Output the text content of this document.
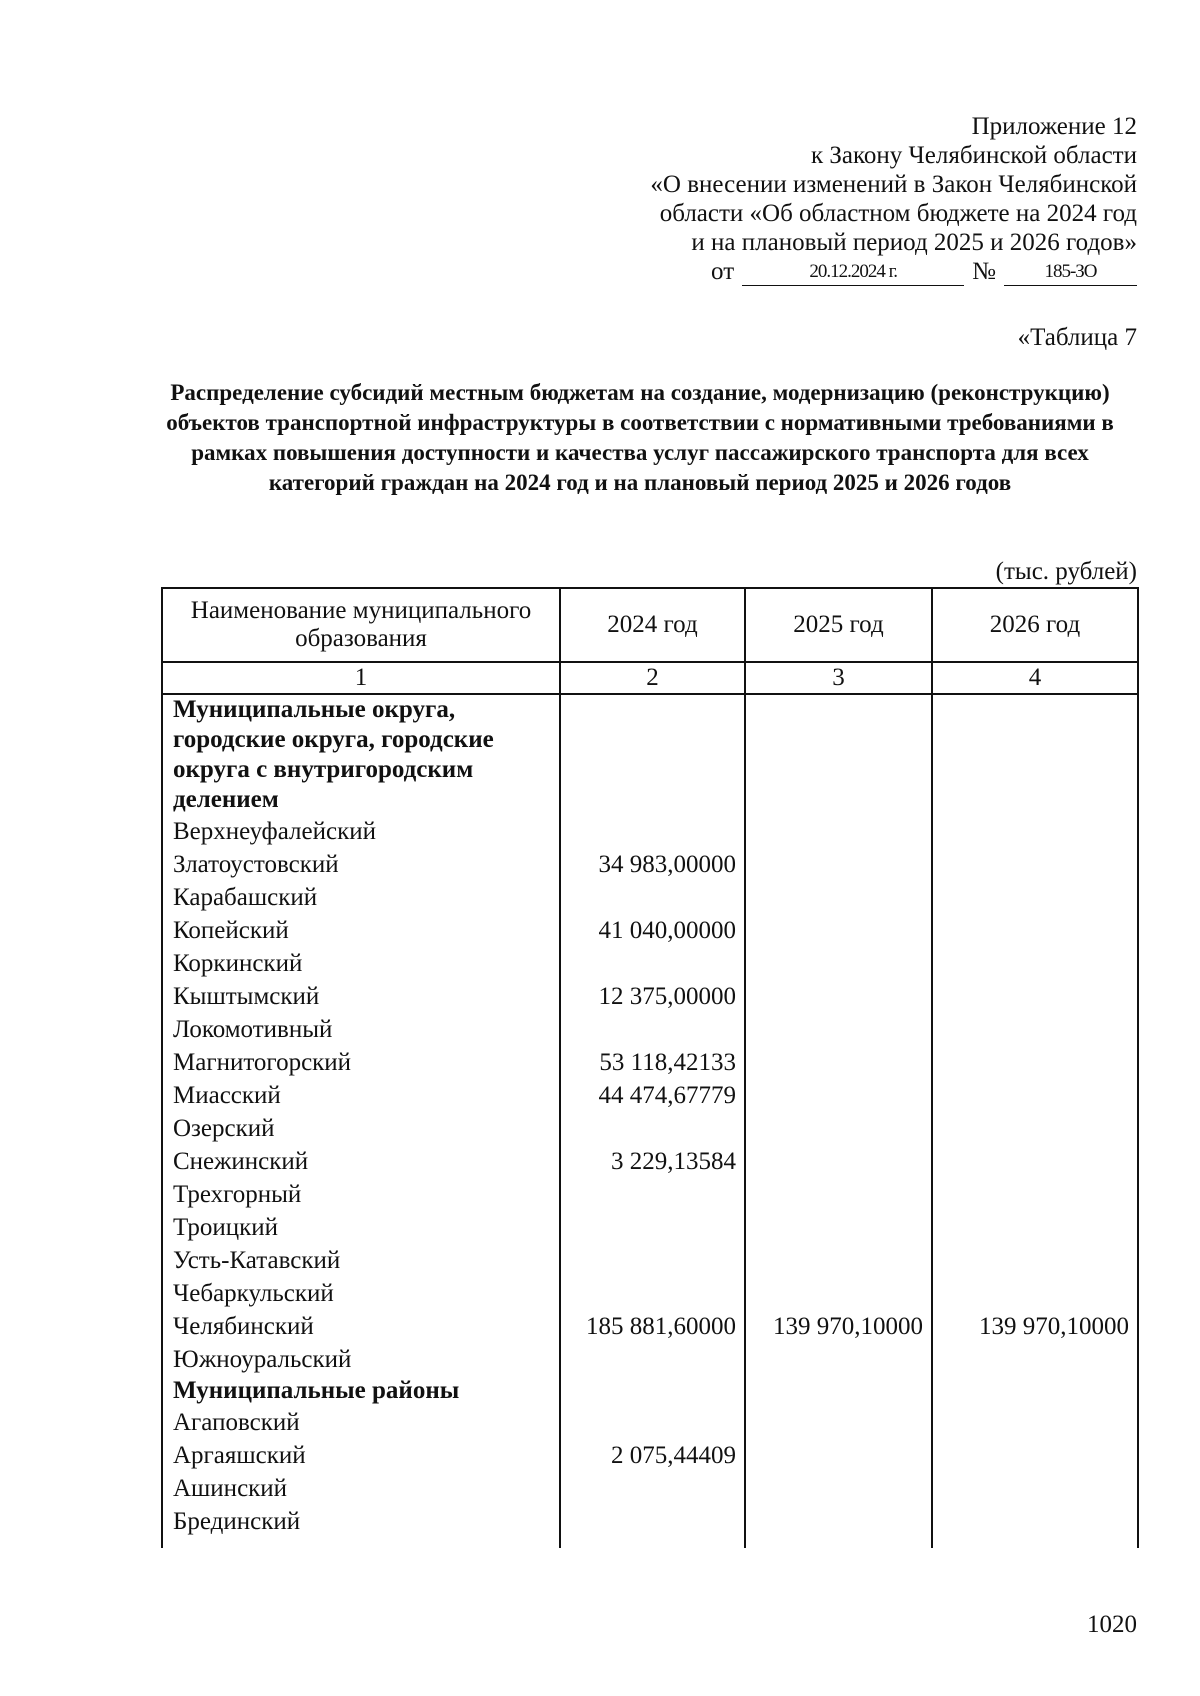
Приложение 12
к Закону Челябинской области
«О внесении изменений в Закон Челябинской
области «Об областном бюджете на 2024 год
и на плановый период 2025 и 2026 годов»
от	20.12.2024 г.	№	185-ЗО
«Таблица 7
Распределение субсидий местным бюджетам на создание, модернизацию (реконструкцию) объектов транспортной инфраструктуры в соответствии с нормативными требованиями в рамках повышения доступности и качества услуг пассажирского транспорта для всех категорий граждан на 2024 год и на плановый период 2025 и 2026 годов
(тыс. рублей)
Наименование муниципального образования	2024 год	2025 год	2026 год
1	2	3	4
Муниципальные округа, городские округа, городские округа с внутригородским делением			
Верхнеуфалейский			
Златоустовский	34 983,00000		
Карабашский			
Копейский	41 040,00000		
Коркинский			
Кыштымский	12 375,00000		
Локомотивный			
Магнитогорский	53 118,42133		
Миасский	44 474,67779		
Озерский			
Снежинский	3 229,13584		
Трехгорный			
Троицкий			
Усть-Катавский			
Чебаркульский			
Челябинский	185 881,60000	139 970,10000	139 970,10000
Южноуральский			
Муниципальные районы			
Агаповский			
Аргаяшский	2 075,44409		
Ашинский			
Брединский			

1020
